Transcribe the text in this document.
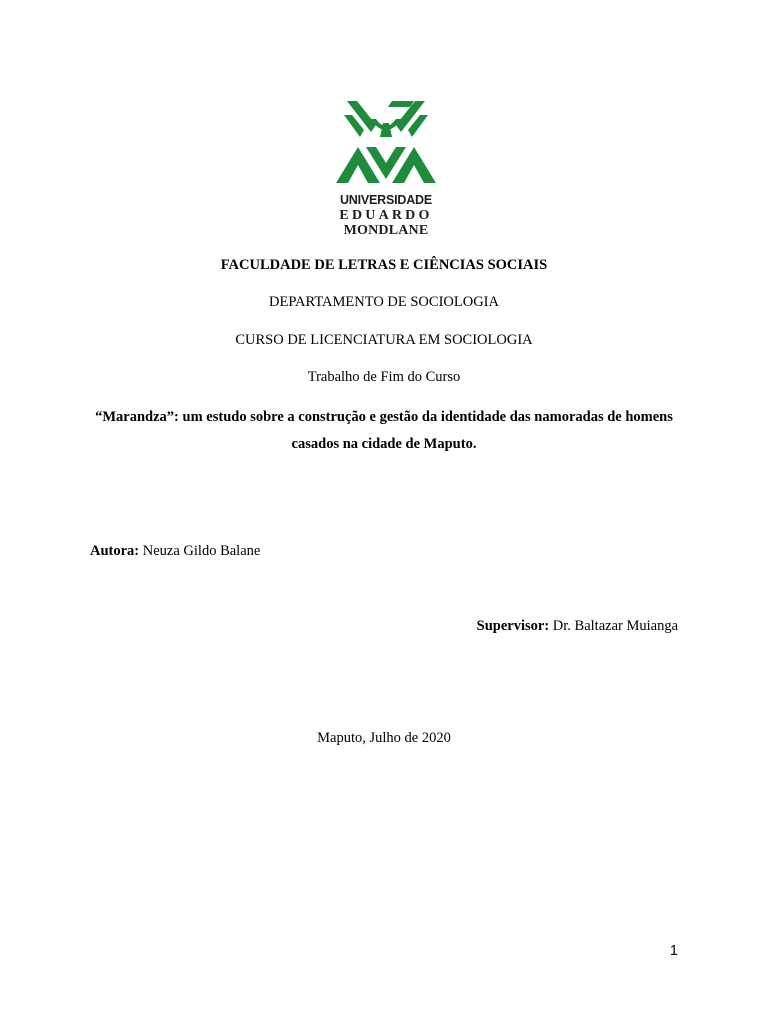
UNIVERSIDADE
EDUARDO
MONDLANE
FACULDADE DE LETRAS E CIÊNCIAS SOCIAIS
DEPARTAMENTO DE SOCIOLOGIA
CURSO DE LICENCIATURA EM SOCIOLOGIA
Trabalho de Fim do Curso
“Marandza”: um estudo sobre a construção e gestão da identidade das namoradas de homens casados na cidade de Maputo.
Autora: Neuza Gildo Balane
Supervisor: Dr. Baltazar Muianga
Maputo, Julho de 2020
1
